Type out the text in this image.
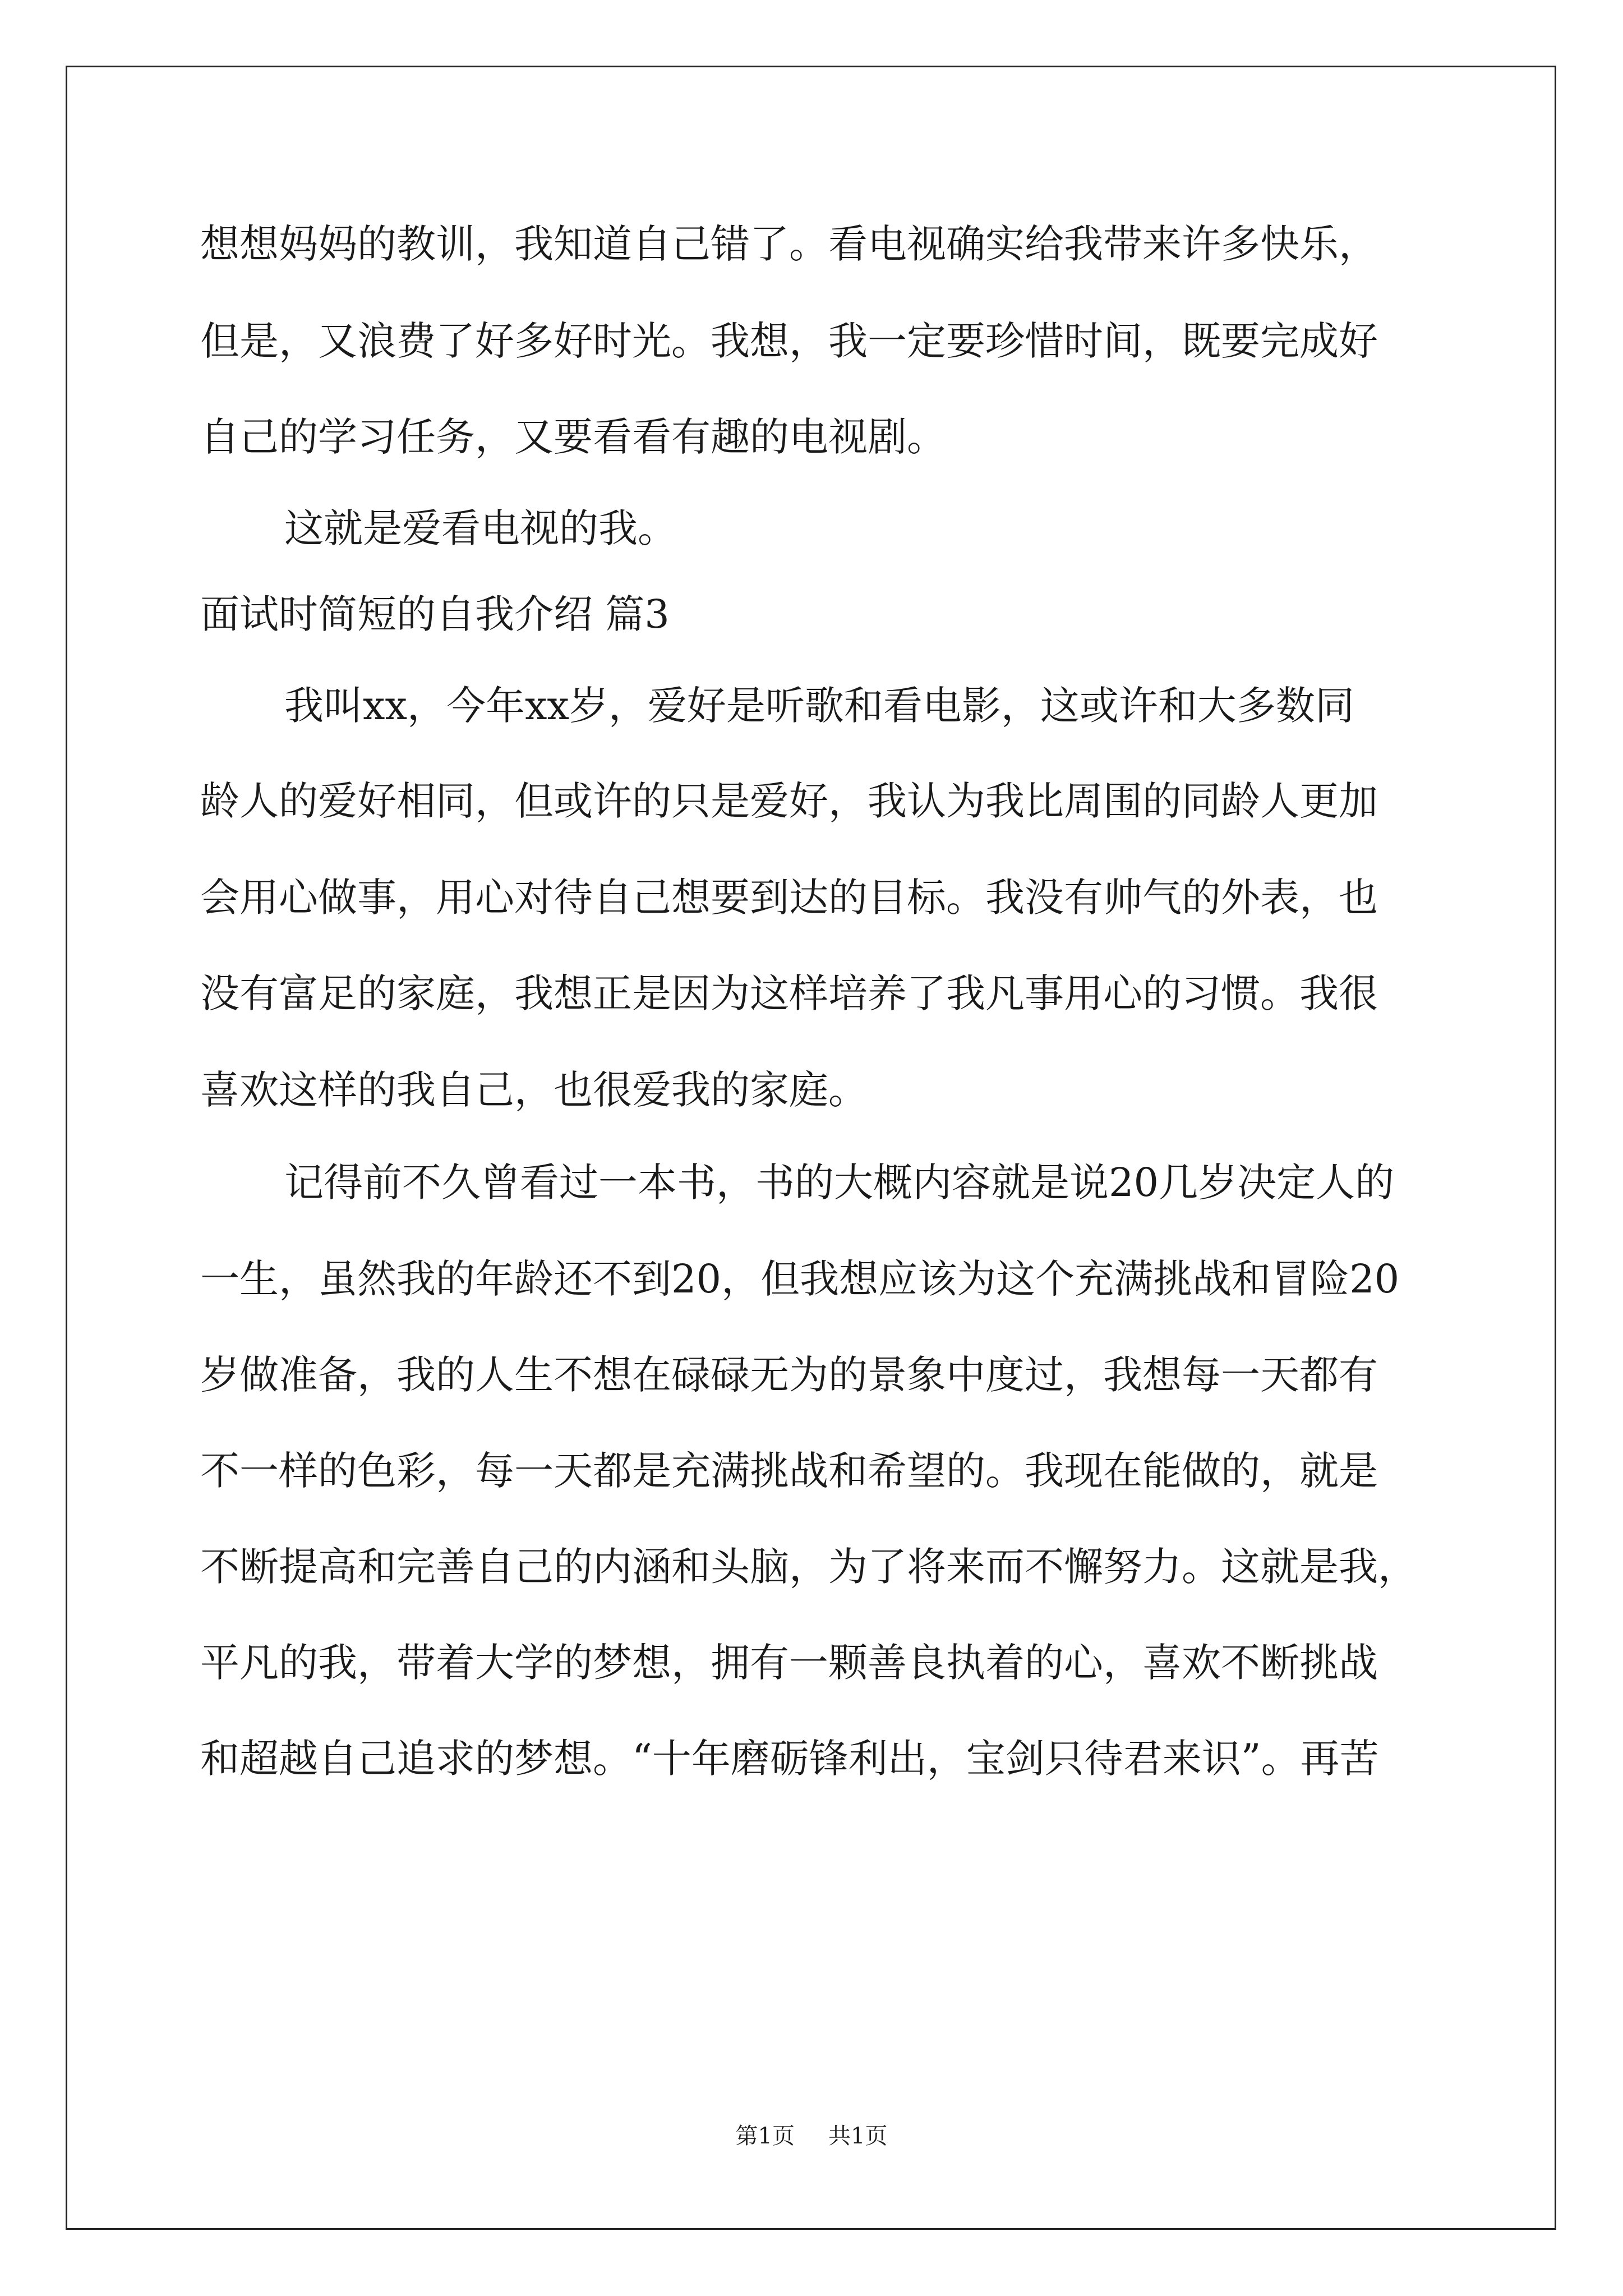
想想妈妈的教训，我知道自己错了。看电视确实给我带来许多快乐，
但是，又浪费了好多好时光。我想，我一定要珍惜时间，既要完成好
自己的学习任务，又要看看有趣的电视剧。
这就是爱看电视的我。
面试时简短的自我介绍 篇3
我叫xx，今年xx岁，爱好是听歌和看电影，这或许和大多数同
龄人的爱好相同，但或许的只是爱好，我认为我比周围的同龄人更加
会用心做事，用心对待自己想要到达的目标。我没有帅气的外表，也
没有富足的家庭，我想正是因为这样培养了我凡事用心的习惯。我很
喜欢这样的我自己，也很爱我的家庭。
记得前不久曾看过一本书，书的大概内容就是说20几岁决定人的
一生，虽然我的年龄还不到20，但我想应该为这个充满挑战和冒险20
岁做准备，我的人生不想在碌碌无为的景象中度过，我想每一天都有
不一样的色彩，每一天都是充满挑战和希望的。我现在能做的，就是
不断提高和完善自己的内涵和头脑，为了将来而不懈努力。这就是我，
平凡的我，带着大学的梦想，拥有一颗善良执着的心，喜欢不断挑战
和超越自己追求的梦想。“十年磨砺锋利出，宝剑只待君来识”。再苦
第1页 共1页
